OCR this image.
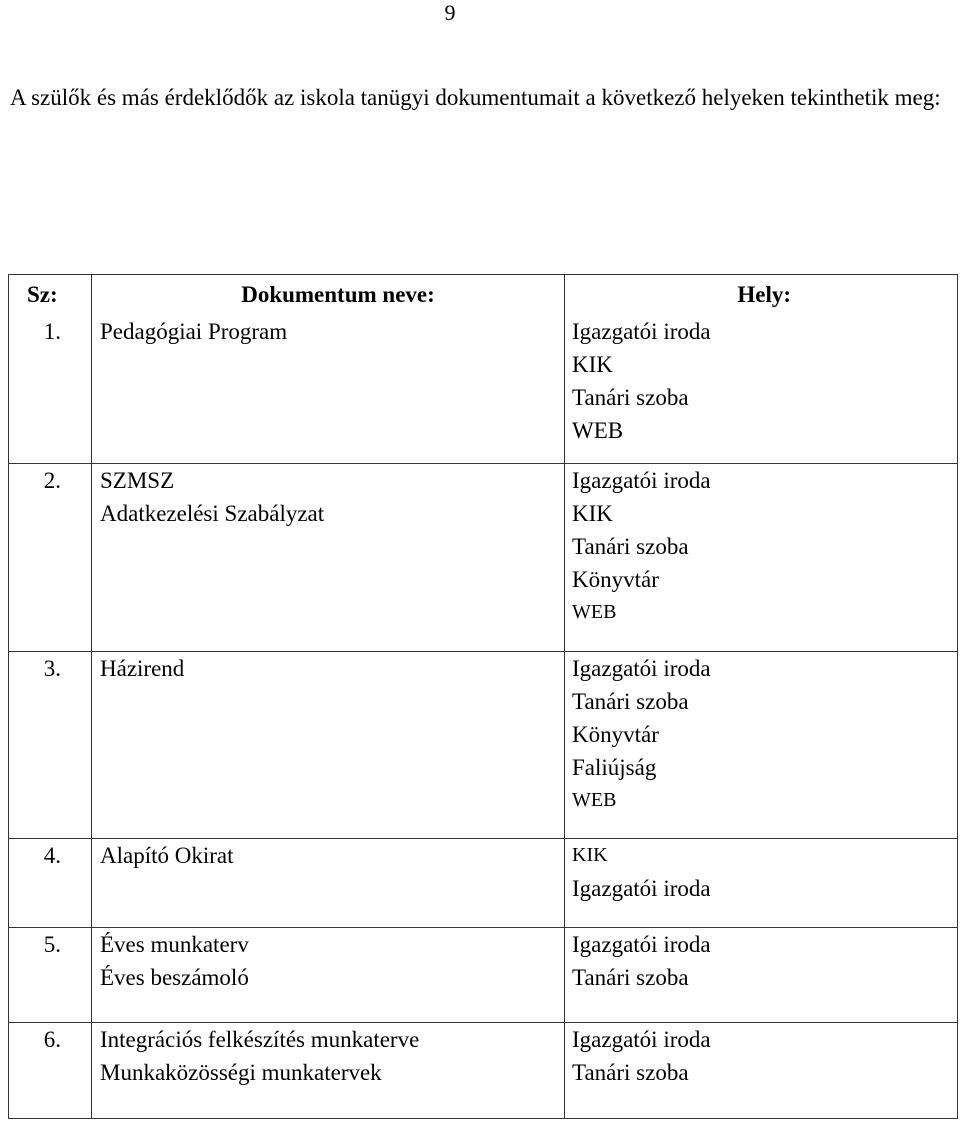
9

A szülők és más érdeklődők az iskola tanügyi dokumentumait a következő helyeken tekinthetik meg:

Sz:	Dokumentum neve:	Hely:

1.	Pedagógiai Program	Igazgatói iroda
KIK
Tanári szoba
WEB

2.	SZMSZ
Adatkezelési Szabályzat	Igazgatói iroda
KIK
Tanári szoba
Könyvtár
WEB

3.	Házirend	Igazgatói iroda
Tanári szoba
Könyvtár
Faliújság
WEB

4.	Alapító Okirat	KIK
Igazgatói iroda

5.	Éves munkaterv
Éves beszámoló	Igazgatói iroda
Tanári szoba

6.	Integrációs felkészítés munkaterve
Munkaközösségi munkatervek	Igazgatói iroda
Tanári szoba
